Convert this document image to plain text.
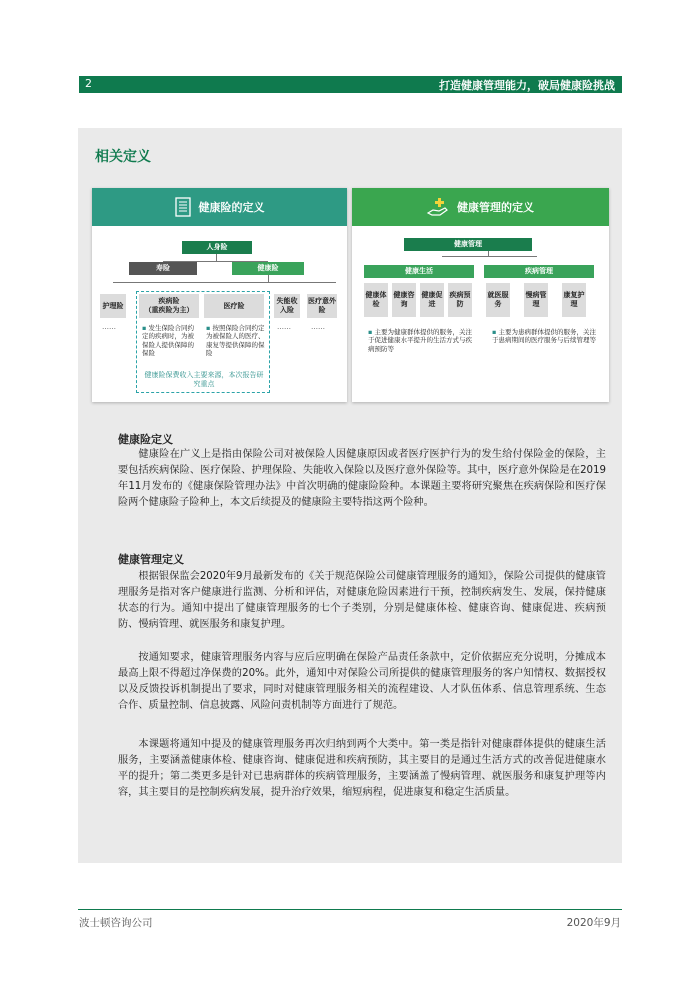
2	打造健康管理能力，破局健康险挑战
相关定义
健康险的定义
人身险
寿险	健康险
护理险
疾病险
（重疾险为主）
医疗险
失能收入险
医疗意外险
……	……	……
▪ 发生保险合同约定的疾病时，为被保险人提供保障的保险
▪ 按照保险合同约定为被保险人的医疗、康复等提供保障的保险
健康险保费收入主要来源，本次报告研究重点
健康管理的定义
健康管理
健康生活	疾病管理
健康体检
健康咨询
健康促进
疾病预防
就医服务
慢病管理
康复护理
▪ 主要为健康群体提供的服务，关注于促进健康水平提升的生活方式与疾病预防等
▪ 主要为患病群体提供的服务，关注于患病期间的医疗服务与后续管理等
健康险定义
健康险在广义上是指由保险公司对被保险人因健康原因或者医疗医护行为的发生给付保险金的保险，主要包括疾病保险、医疗保险、护理保险、失能收入保险以及医疗意外保险等。其中，医疗意外保险是在2019年11月发布的《健康保险管理办法》中首次明确的健康险险种。本课题主要将研究聚焦在疾病保险和医疗保险两个健康险子险种上，本文后续提及的健康险主要特指这两个险种。
健康管理定义
根据银保监会2020年9月最新发布的《关于规范保险公司健康管理服务的通知》，保险公司提供的健康管理服务是指对客户健康进行监测、分析和评估，对健康危险因素进行干预，控制疾病发生、发展，保持健康状态的行为。通知中提出了健康管理服务的七个子类别，分别是健康体检、健康咨询、健康促进、疾病预防、慢病管理、就医服务和康复护理。
按通知要求，健康管理服务内容与应后应明确在保险产品责任条款中，定价依据应充分说明，分摊成本最高上限不得超过净保费的20%。此外，通知中对保险公司所提供的健康管理服务的客户知情权、数据授权以及反馈投诉机制提出了要求，同时对健康管理服务相关的流程建设、人才队伍体系、信息管理系统、生态合作、质量控制、信息披露、风险问责机制等方面进行了规范。
本课题将通知中提及的健康管理服务再次归纳到两个大类中。第一类是指针对健康群体提供的健康生活服务，主要涵盖健康体检、健康咨询、健康促进和疾病预防，其主要目的是通过生活方式的改善促进健康水平的提升；第二类更多是针对已患病群体的疾病管理服务，主要涵盖了慢病管理、就医服务和康复护理等内容，其主要目的是控制疾病发展，提升治疗效果，缩短病程，促进康复和稳定生活质量。
波士顿咨询公司	2020年9月
